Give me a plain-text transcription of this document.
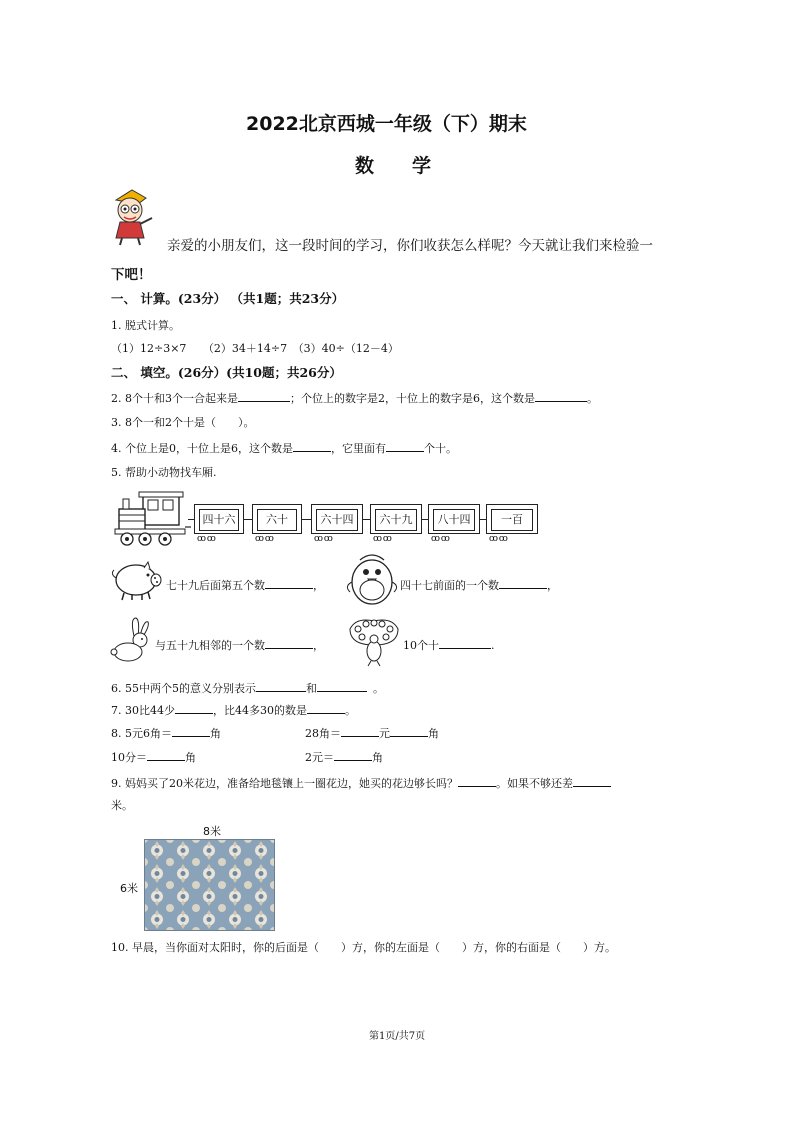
2022北京西城一年级（下）期末
数　　学
亲爱的小朋友们，这一段时间的学习，你们收获怎么样呢？今天就让我们来检验一
下吧！
一、 计算。(23分） （共1题；共23分）
1. 脱式计算。
（1）12÷3×7　　（2）34＋14÷7　（3）40÷（12－4）
二、 填空。(26分）(共10题；共26分）
2. 8个十和3个一合起来是	；个位上的数字是2，十位上的数字是6，这个数是	。
3. 8个一和2个十是（　　）。
4. 个位上是0，十位上是6，这个数是	，它里面有	个十。
5. 帮助小动物找车厢.
四十六
ꝏ ꝏ
六十
ꝏ ꝏ
六十四
ꝏ ꝏ
六十九
ꝏ ꝏ
八十四
ꝏ ꝏ
一百
ꝏ ꝏ
七十九后面第五个数	，	四十七前面的一个数	，
与五十九相邻的一个数	，	10个十	.
6. 55中两个5的意义分别表示	和	。
7. 30比44少	，比44多30的数是	。
8. 5元6角＝	角	28角＝	元	角
10分＝	角	2元＝	角
9. 妈妈买了20米花边，准备给地毯镶上一圈花边，她买的花边够长吗？	。如果不够还差
米。
8米
6米
10. 早晨，当你面对太阳时，你的后面是（　　）方，你的左面是（　　）方，你的右面是（　　）方。
第1页/共7页
